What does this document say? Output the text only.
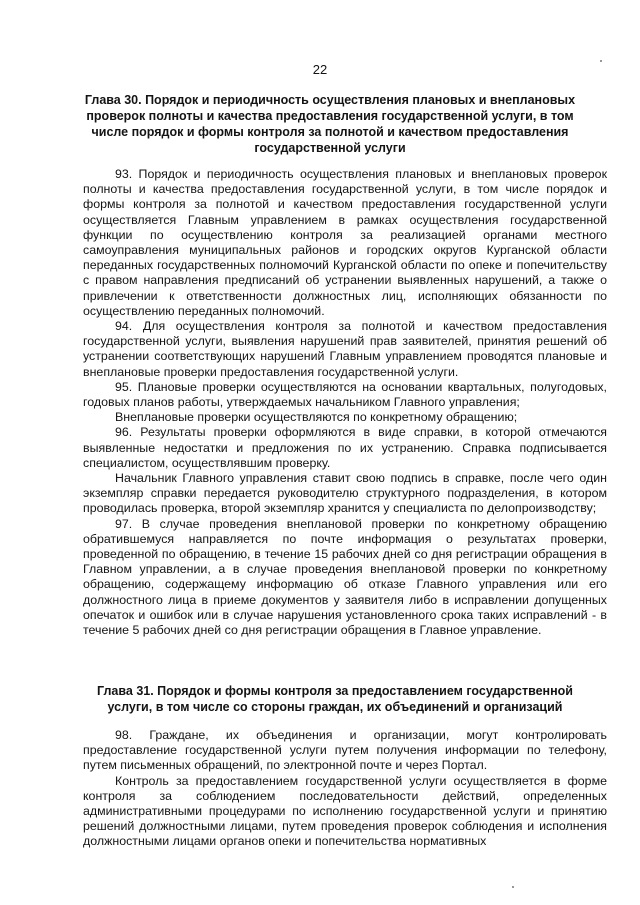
22
Глава 30. Порядок и периодичность осуществления плановых и внеплановых проверок полноты и качества предоставления государственной услуги, в том числе порядок и формы контроля за полнотой и качеством предоставления государственной услуги

93. Порядок и периодичность осуществления плановых и внеплановых проверок полноты и качества предоставления государственной услуги, в том числе порядок и формы контроля за полнотой и качеством предоставления государственной услуги осуществляется Главным управлением в рамках осуществления государственной функции по осуществлению контроля за реализацией органами местного самоуправления муниципальных районов и городских округов Курганской области переданных государственных полномочий Курганской области по опеке и попечительству с правом направления предписаний об устранении выявленных нарушений, а также о привлечении к ответственности должностных лиц, исполняющих обязанности по осуществлению переданных полномочий.

94. Для осуществления контроля за полнотой и качеством предоставления государственной услуги, выявления нарушений прав заявителей, принятия решений об устранении соответствующих нарушений Главным управлением проводятся плановые и внеплановые проверки предоставления государственной услуги.

95. Плановые проверки осуществляются на основании квартальных, полугодовых, годовых планов работы, утверждаемых начальником Главного управления;

Внеплановые проверки осуществляются по конкретному обращению;

96. Результаты проверки оформляются в виде справки, в которой отмечаются выявленные недостатки и предложения по их устранению. Справка подписывается специалистом, осуществлявшим проверку.

Начальник Главного управления ставит свою подпись в справке, после чего один экземпляр справки передается руководителю структурного подразделения, в котором проводилась проверка, второй экземпляр хранится у специалиста по делопроизводству;

97. В случае проведения внеплановой проверки по конкретному обращению обратившемуся направляется по почте информация о результатах проверки, проведенной по обращению, в течение 15 рабочих дней со дня регистрации обращения в Главном управлении, а в случае проведения внеплановой проверки по конкретному обращению, содержащему информацию об отказе Главного управления или его должностного лица в приеме документов у заявителя либо в исправлении допущенных опечаток и ошибок или в случае нарушения установленного срока таких исправлений - в течение 5 рабочих дней со дня регистрации обращения в Главное управление.

Глава 31. Порядок и формы контроля за предоставлением государственной услуги, в том числе со стороны граждан, их объединений и организаций

98. Граждане, их объединения и организации, могут контролировать предоставление государственной услуги путем получения информации по телефону, путем письменных обращений, по электронной почте и через Портал.

Контроль за предоставлением государственной услуги осуществляется в форме контроля за соблюдением последовательности действий, определенных административными процедурами по исполнению государственной услуги и принятию решений должностными лицами, путем проведения проверок соблюдения и исполнения должностными лицами органов опеки и попечительства нормативных
